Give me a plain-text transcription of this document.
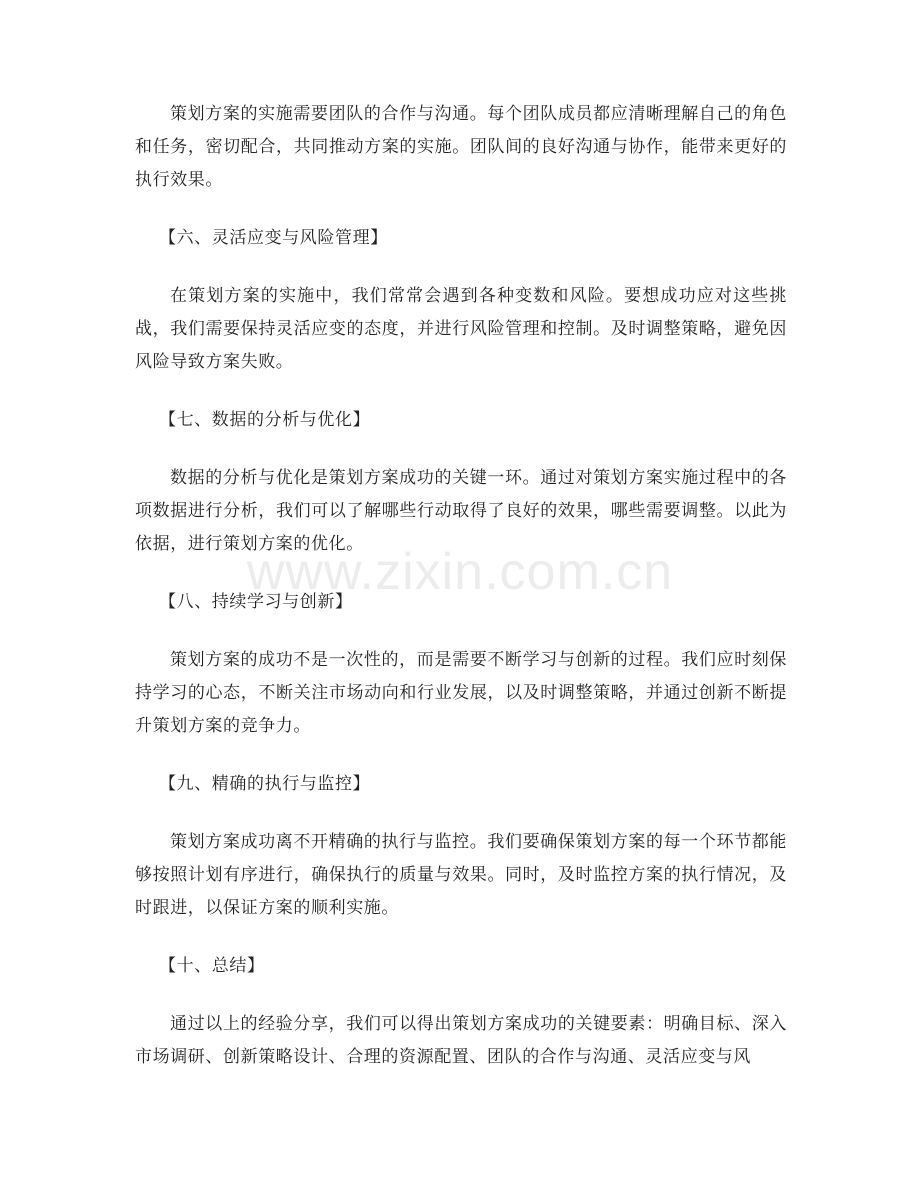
www.zixin.com.cn

策划方案的实施需要团队的合作与沟通。每个团队成员都应清晰理解自己的角色和任务，密切配合，共同推动方案的实施。团队间的良好沟通与协作，能带来更好的执行效果。

【六、灵活应变与风险管理】

在策划方案的实施中，我们常常会遇到各种变数和风险。要想成功应对这些挑战，我们需要保持灵活应变的态度，并进行风险管理和控制。及时调整策略，避免因风险导致方案失败。

【七、数据的分析与优化】

数据的分析与优化是策划方案成功的关键一环。通过对策划方案实施过程中的各项数据进行分析，我们可以了解哪些行动取得了良好的效果，哪些需要调整。以此为依据，进行策划方案的优化。

【八、持续学习与创新】

策划方案的成功不是一次性的，而是需要不断学习与创新的过程。我们应时刻保持学习的心态，不断关注市场动向和行业发展，以及时调整策略，并通过创新不断提升策划方案的竞争力。

【九、精确的执行与监控】

策划方案成功离不开精确的执行与监控。我们要确保策划方案的每一个环节都能够按照计划有序进行，确保执行的质量与效果。同时，及时监控方案的执行情况，及时跟进，以保证方案的顺利实施。

【十、总结】

通过以上的经验分享，我们可以得出策划方案成功的关键要素：明确目标、深入市场调研、创新策略设计、合理的资源配置、团队的合作与沟通、灵活应变与风
